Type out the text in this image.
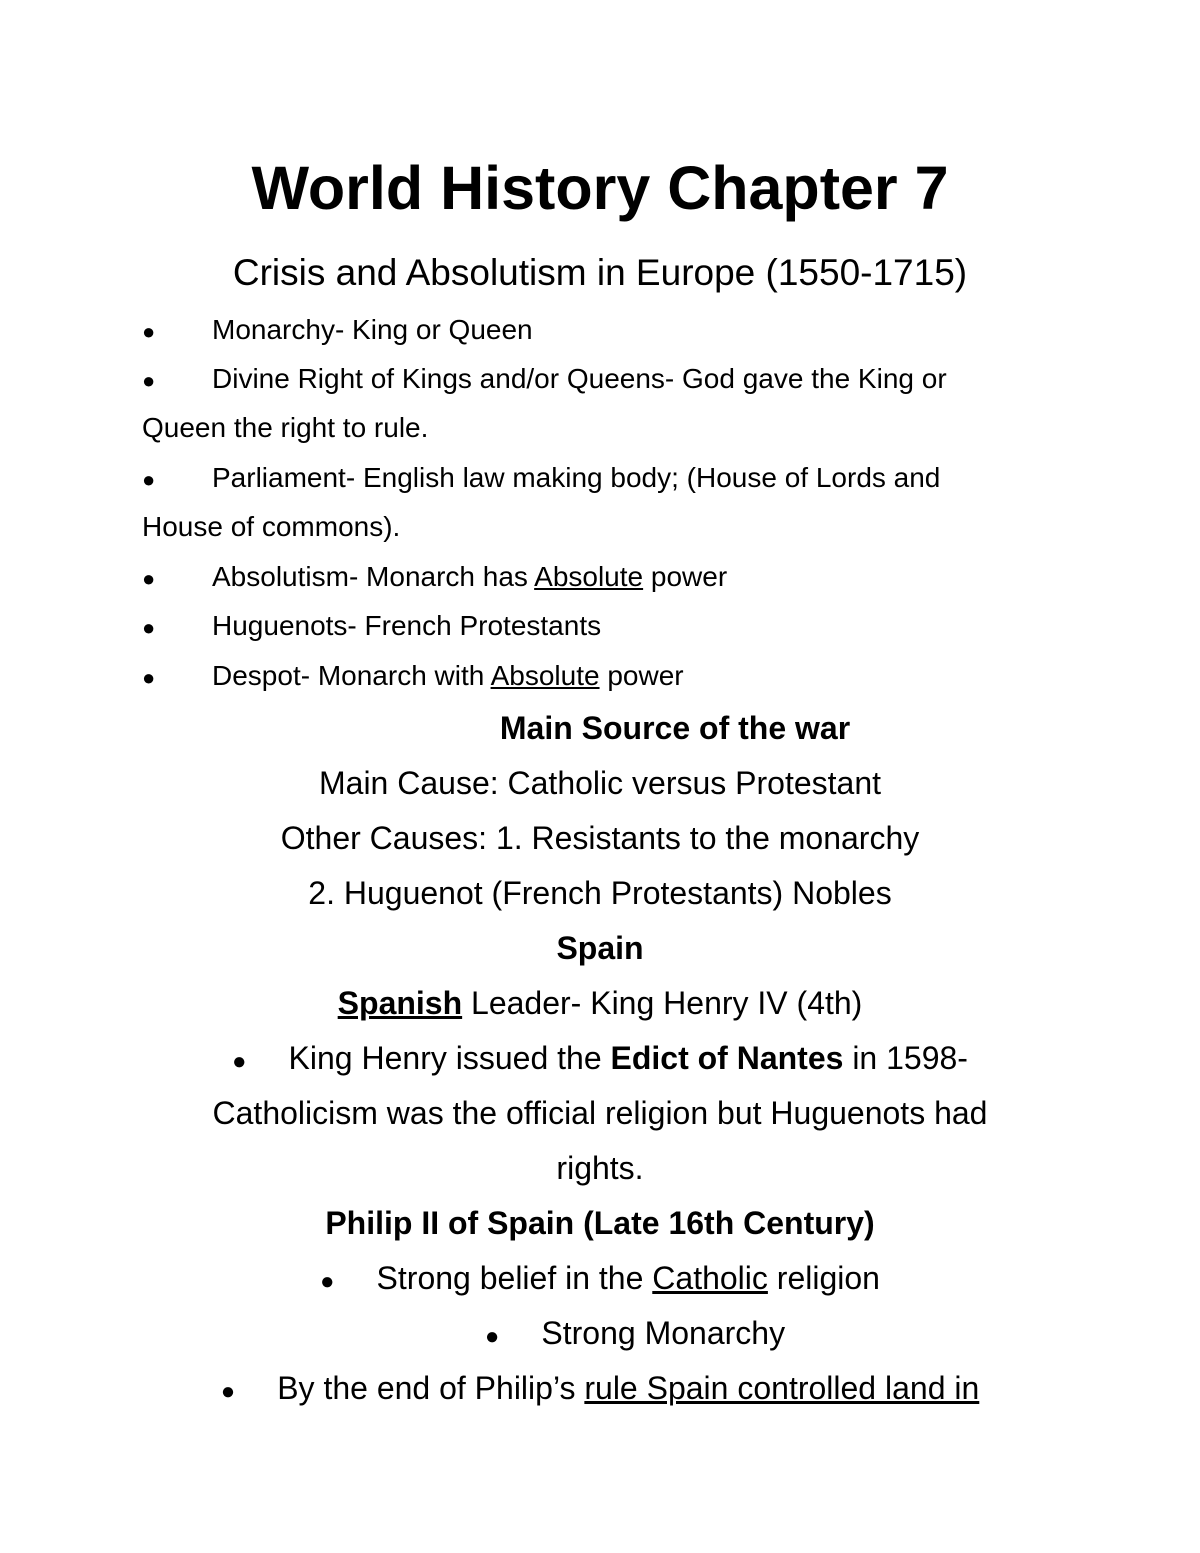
World History Chapter 7
Crisis and Absolutism in Europe (1550-1715)
● Monarchy- King or Queen
● Divine Right of Kings and/or Queens- God gave the King or
Queen the right to rule.
● Parliament- English law making body; (House of Lords and
House of commons).
● Absolutism- Monarch has Absolute power
● Huguenots- French Protestants
● Despot- Monarch with Absolute power
Main Source of the war
Main Cause: Catholic versus Protestant
Other Causes: 1. Resistants to the monarchy
2. Huguenot (French Protestants) Nobles
Spain
Spanish Leader- King Henry IV (4th)
● King Henry issued the Edict of Nantes in 1598-
Catholicism was the official religion but Huguenots had
rights.
Philip II of Spain (Late 16th Century)
● Strong belief in the Catholic religion
● Strong Monarchy
● By the end of Philip’s rule Spain controlled land in
